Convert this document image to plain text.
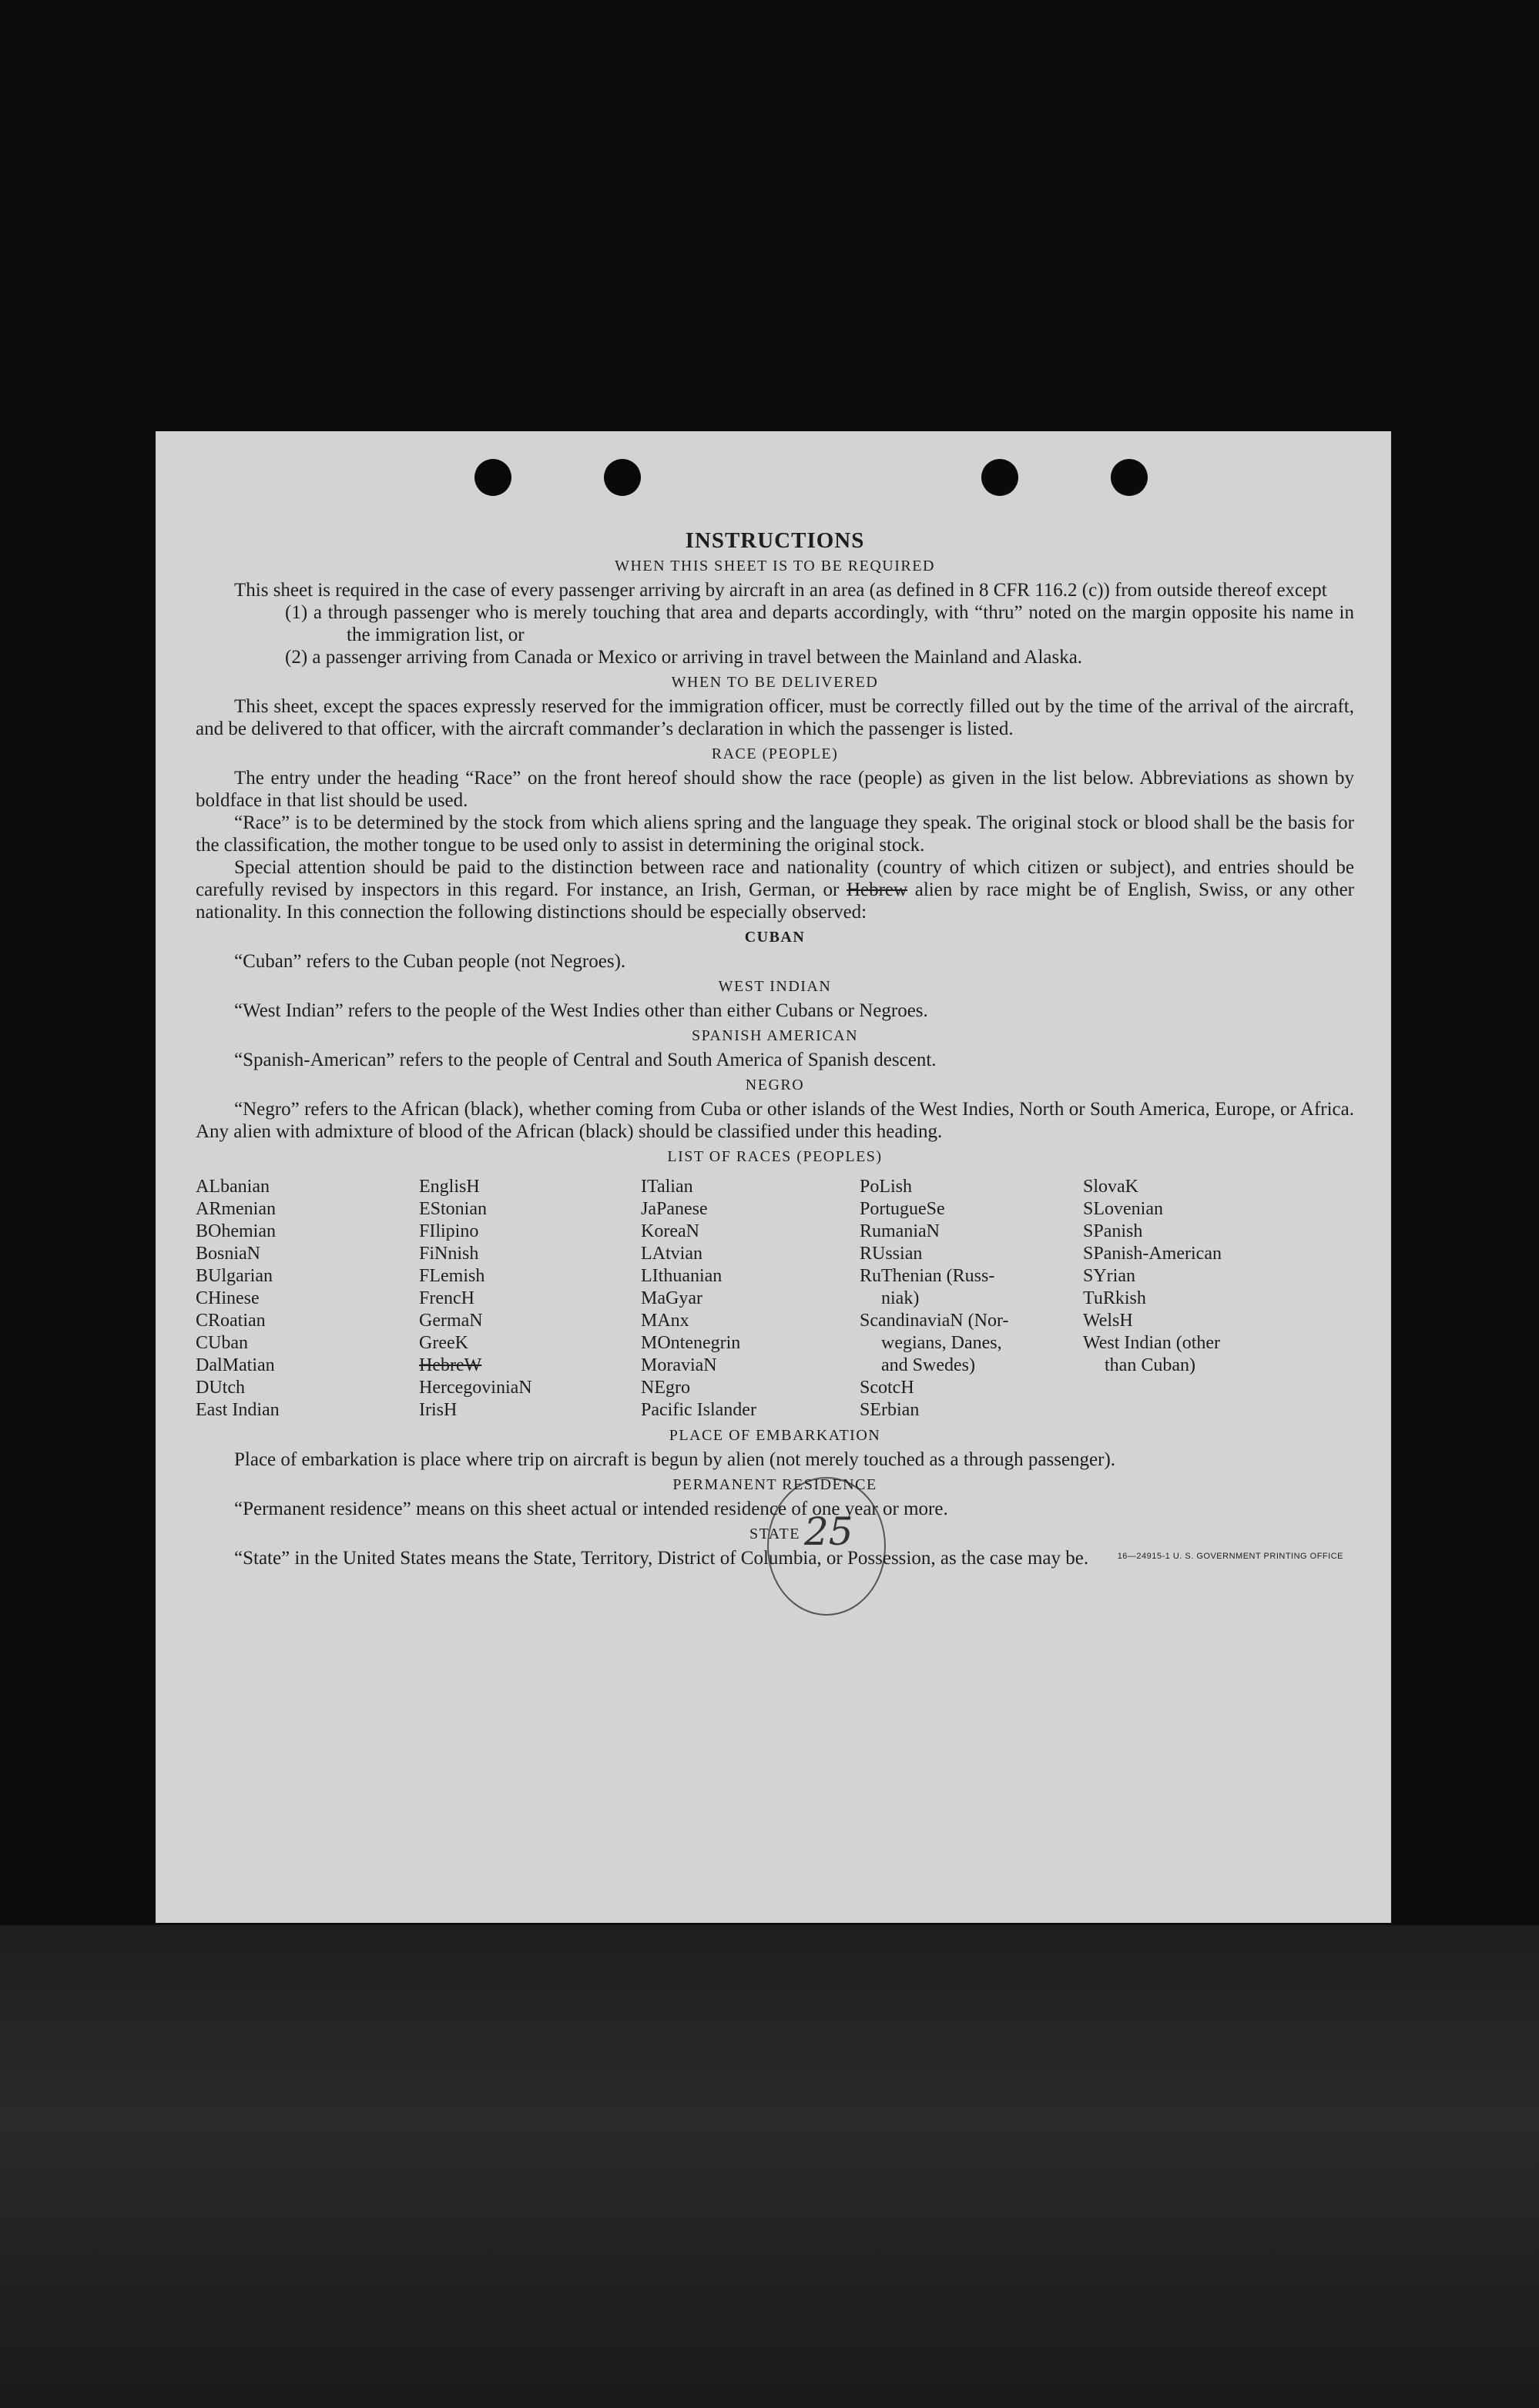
25
INSTRUCTIONS
WHEN THIS SHEET IS TO BE REQUIRED

This sheet is required in the case of every passenger arriving by aircraft in an area (as defined in 8 CFR 116.2 (c)) from outside thereof except

(1) a through passenger who is merely touching that area and departs accordingly, with “thru” noted on the margin opposite his name in the immigration list, or

(2) a passenger arriving from Canada or Mexico or arriving in travel between the Mainland and Alaska.

WHEN TO BE DELIVERED

This sheet, except the spaces expressly reserved for the immigration officer, must be correctly filled out by the time of the arrival of the aircraft, and be delivered to that officer, with the aircraft commander’s declaration in which the passenger is listed.

RACE (PEOPLE)

The entry under the heading “Race” on the front hereof should show the race (people) as given in the list below. Abbreviations as shown by boldface in that list should be used.

“Race” is to be determined by the stock from which aliens spring and the language they speak. The original stock or blood shall be the basis for the classification, the mother tongue to be used only to assist in determining the original stock.

Special attention should be paid to the distinction between race and nationality (country of which citizen or subject), and entries should be carefully revised by inspectors in this regard. For instance, an Irish, German, or Hebrew alien by race might be of English, Swiss, or any other nationality. In this connection the following distinctions should be especially observed:

CUBAN

“Cuban” refers to the Cuban people (not Negroes).

WEST INDIAN

“West Indian” refers to the people of the West Indies other than either Cubans or Negroes.

SPANISH AMERICAN

“Spanish-American” refers to the people of Central and South America of Spanish descent.

NEGRO

“Negro” refers to the African (black), whether coming from Cuba or other islands of the West Indies, North or South America, Europe, or Africa. Any alien with admixture of blood of the African (black) should be classified under this heading.

LIST OF RACES (PEOPLES)
ALbanian
ARmenian
BOhemian
BosniaN
BUlgarian
CHinese
CRoatian
CUban
DalMatian
DUtch
East Indian
EnglisH
EStonian
FIlipino
FiNnish
FLemish
FrencH
GermaN
GreeK
HebreW
HercegoviniaN
IrisH
ITalian
JaPanese
KoreaN
LAtvian
LIthuanian
MaGyar
MAnx
MOntenegrin
MoraviaN
NEgro
Pacific Islander
PoLish
PortugueSe
RumaniaN
RUssian
RuThenian (Russ-
niak)
ScandinaviaN (Nor-
wegians, Danes,
and Swedes)
ScotcH
SErbian
SlovaK
SLovenian
SPanish
SPanish-American
SYrian
TuRkish
WelsH
West Indian (other
than Cuban)
PLACE OF EMBARKATION

Place of embarkation is place where trip on aircraft is begun by alien (not merely touched as a through passenger).

PERMANENT RESIDENCE

“Permanent residence” means on this sheet actual or intended residence of one year or more.

STATE

“State” in the United States means the State, Territory, District of Columbia, or Possession, as the case may be.	16—24915-1 U. S. GOVERNMENT PRINTING OFFICE
